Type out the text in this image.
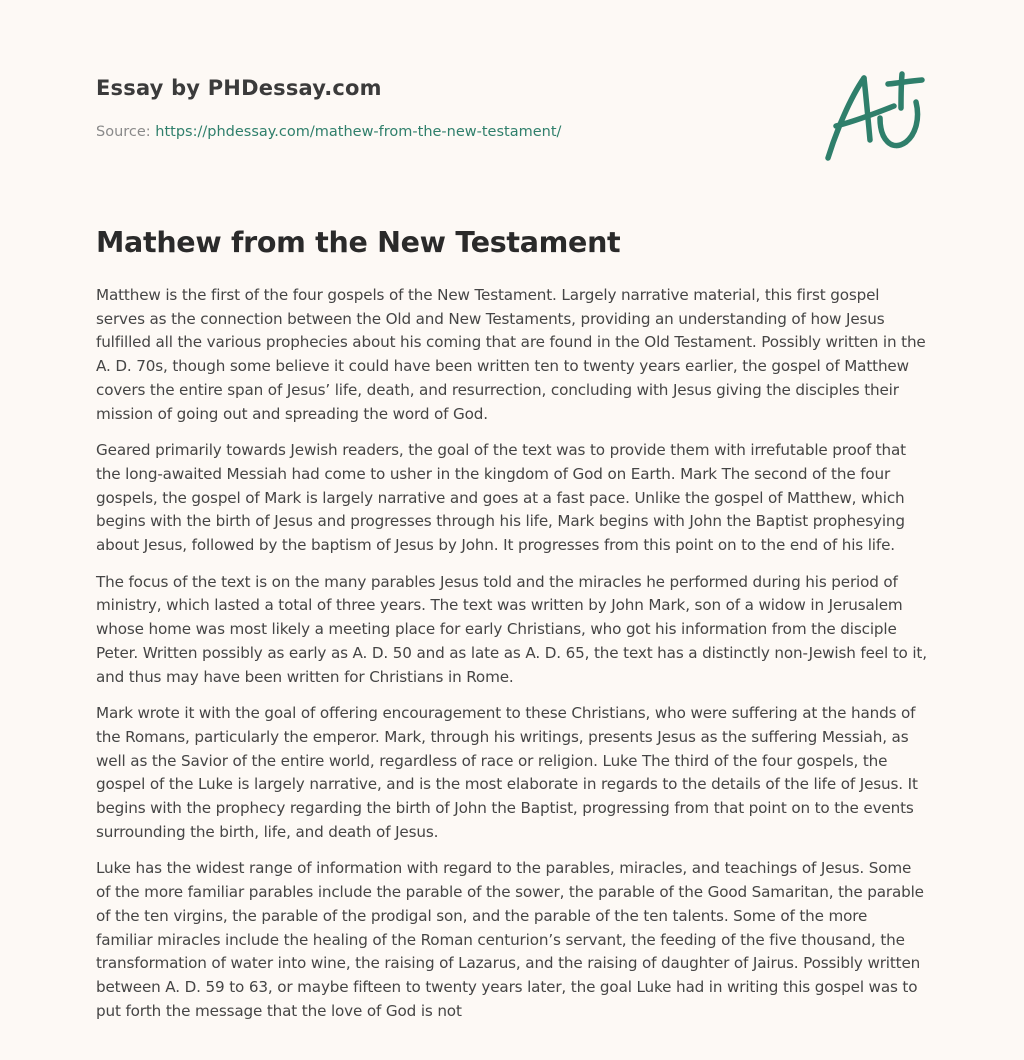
Essay by PHDessay.com
Source: https://phdessay.com/mathew-from-the-new-testament/
Mathew from the New Testament

Matthew is the first of the four gospels of the New Testament. Largely narrative material, this first gospel serves as the connection between the Old and New Testaments, providing an understanding of how Jesus fulfilled all the various prophecies about his coming that are found in the Old Testament. Possibly written in the A. D. 70s, though some believe it could have been written ten to twenty years earlier, the gospel of Matthew covers the entire span of Jesus’ life, death, and resurrection, concluding with Jesus giving the disciples their mission of going out and spreading the word of God.

Geared primarily towards Jewish readers, the goal of the text was to provide them with irrefutable proof that the long-awaited Messiah had come to usher in the kingdom of God on Earth. Mark The second of the four gospels, the gospel of Mark is largely narrative and goes at a fast pace. Unlike the gospel of Matthew, which begins with the birth of Jesus and progresses through his life, Mark begins with John the Baptist prophesying about Jesus, followed by the baptism of Jesus by John. It progresses from this point on to the end of his life.

The focus of the text is on the many parables Jesus told and the miracles he performed during his period of ministry, which lasted a total of three years. The text was written by John Mark, son of a widow in Jerusalem whose home was most likely a meeting place for early Christians, who got his information from the disciple Peter. Written possibly as early as A. D. 50 and as late as A. D. 65, the text has a distinctly non-Jewish feel to it, and thus may have been written for Christians in Rome.

Mark wrote it with the goal of offering encouragement to these Christians, who were suffering at the hands of the Romans, particularly the emperor. Mark, through his writings, presents Jesus as the suffering Messiah, as well as the Savior of the entire world, regardless of race or religion. Luke The third of the four gospels, the gospel of the Luke is largely narrative, and is the most elaborate in regards to the details of the life of Jesus. It begins with the prophecy regarding the birth of John the Baptist, progressing from that point on to the events surrounding the birth, life, and death of Jesus.

Luke has the widest range of information with regard to the parables, miracles, and teachings of Jesus. Some of the more familiar parables include the parable of the sower, the parable of the Good Samaritan, the parable of the ten virgins, the parable of the prodigal son, and the parable of the ten talents. Some of the more familiar miracles include the healing of the Roman centurion’s servant, the feeding of the five thousand, the transformation of water into wine, the raising of Lazarus, and the raising of daughter of Jairus. Possibly written between A. D. 59 to 63, or maybe fifteen to twenty years later, the goal Luke had in writing this gospel was to put forth the message that the love of God is not
